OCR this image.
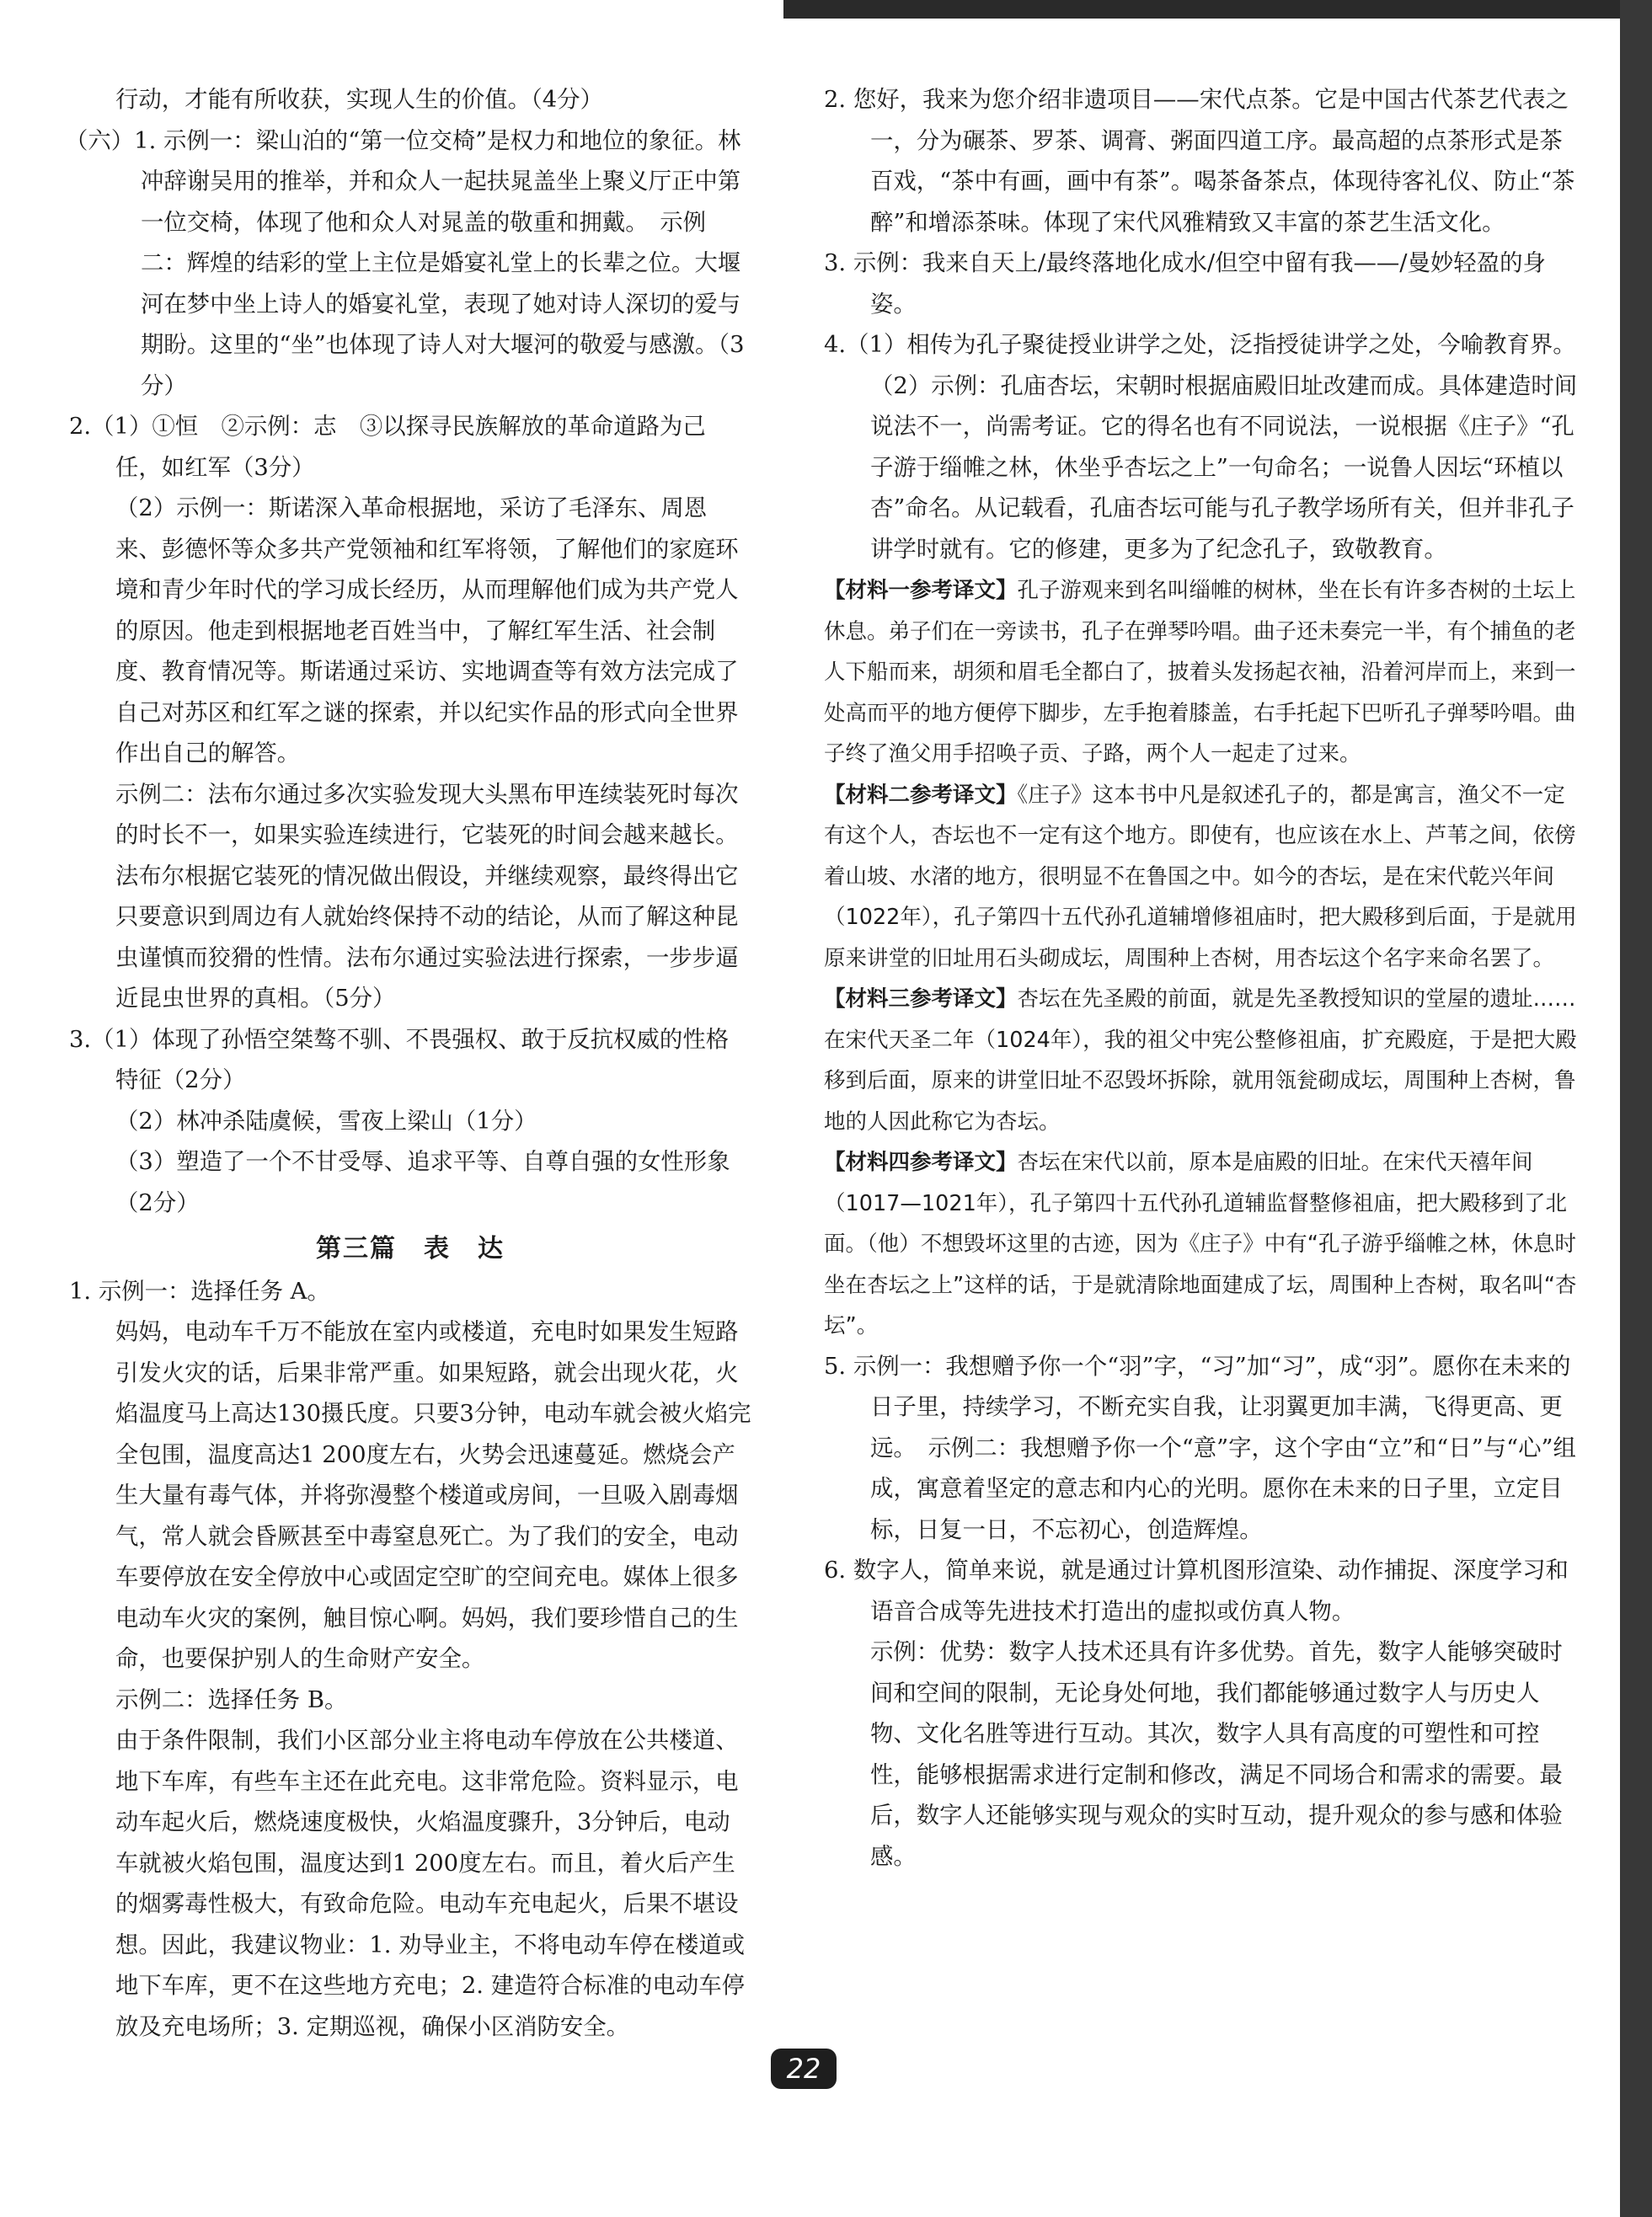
行动，才能有所收获，实现人生的价值。（4分）

（六）1. 示例一：梁山泊的“第一位交椅”是权力和地位的象征。林冲辞谢吴用的推举，并和众人一起扶晁盖坐上聚义厅正中第一位交椅，体现了他和众人对晁盖的敬重和拥戴。　示例二：辉煌的结彩的堂上主位是婚宴礼堂上的长辈之位。大堰河在梦中坐上诗人的婚宴礼堂，表现了她对诗人深切的爱与期盼。这里的“坐”也体现了诗人对大堰河的敬爱与感激。（3分）

2.（1）①恒　②示例：志　③以探寻民族解放的革命道路为己任，如红军（3分）

（2）示例一：斯诺深入革命根据地，采访了毛泽东、周恩来、彭德怀等众多共产党领袖和红军将领，了解他们的家庭环境和青少年时代的学习成长经历，从而理解他们成为共产党人的原因。他走到根据地老百姓当中，了解红军生活、社会制度、教育情况等。斯诺通过采访、实地调查等有效方法完成了自己对苏区和红军之谜的探索，并以纪实作品的形式向全世界作出自己的解答。

示例二：法布尔通过多次实验发现大头黑布甲连续装死时每次的时长不一，如果实验连续进行，它装死的时间会越来越长。法布尔根据它装死的情况做出假设，并继续观察，最终得出它只要意识到周边有人就始终保持不动的结论，从而了解这种昆虫谨慎而狡猾的性情。法布尔通过实验法进行探索，一步步逼近昆虫世界的真相。（5分）

3.（1）体现了孙悟空桀骜不驯、不畏强权、敢于反抗权威的性格特征（2分）

（2）林冲杀陆虞候，雪夜上梁山（1分）

（3）塑造了一个不甘受辱、追求平等、自尊自强的女性形象（2分）

第三篇　表　达

1. 示例一：选择任务 A。

妈妈，电动车千万不能放在室内或楼道，充电时如果发生短路引发火灾的话，后果非常严重。如果短路，就会出现火花，火焰温度马上高达130摄氏度。只要3分钟，电动车就会被火焰完全包围，温度高达1 200度左右，火势会迅速蔓延。燃烧会产生大量有毒气体，并将弥漫整个楼道或房间，一旦吸入剧毒烟气，常人就会昏厥甚至中毒窒息死亡。为了我们的安全，电动车要停放在安全停放中心或固定空旷的空间充电。媒体上很多电动车火灾的案例，触目惊心啊。妈妈，我们要珍惜自己的生命，也要保护别人的生命财产安全。

示例二：选择任务 B。

由于条件限制，我们小区部分业主将电动车停放在公共楼道、地下车库，有些车主还在此充电。这非常危险。资料显示，电动车起火后，燃烧速度极快，火焰温度骤升，3分钟后，电动车就被火焰包围，温度达到1 200度左右。而且，着火后产生的烟雾毒性极大，有致命危险。电动车充电起火，后果不堪设想。因此，我建议物业：1. 劝导业主，不将电动车停在楼道或地下车库，更不在这些地方充电；2. 建造符合标准的电动车停放及充电场所；3. 定期巡视，确保小区消防安全。

2. 您好，我来为您介绍非遗项目——宋代点茶。它是中国古代茶艺代表之一，分为碾茶、罗茶、调膏、粥面四道工序。最高超的点茶形式是茶百戏，“茶中有画，画中有茶”。喝茶备茶点，体现待客礼仪、防止“茶醉”和增添茶味。体现了宋代风雅精致又丰富的茶艺生活文化。

3. 示例：我来自天上/最终落地化成水/但空中留有我——/曼妙轻盈的身姿。

4.（1）相传为孔子聚徒授业讲学之处，泛指授徒讲学之处，今喻教育界。

（2）示例：孔庙杏坛，宋朝时根据庙殿旧址改建而成。具体建造时间说法不一，尚需考证。它的得名也有不同说法，一说根据《庄子》“孔子游于缁帷之林，休坐乎杏坛之上”一句命名；一说鲁人因坛“环植以杏”命名。从记载看，孔庙杏坛可能与孔子教学场所有关，但并非孔子讲学时就有。它的修建，更多为了纪念孔子，致敬教育。

【材料一参考译文】孔子游观来到名叫缁帷的树林，坐在长有许多杏树的土坛上休息。弟子们在一旁读书，孔子在弹琴吟唱。曲子还未奏完一半，有个捕鱼的老人下船而来，胡须和眉毛全都白了，披着头发扬起衣袖，沿着河岸而上，来到一处高而平的地方便停下脚步，左手抱着膝盖，右手托起下巴听孔子弹琴吟唱。曲子终了渔父用手招唤子贡、子路，两个人一起走了过来。

【材料二参考译文】《庄子》这本书中凡是叙述孔子的，都是寓言，渔父不一定有这个人，杏坛也不一定有这个地方。即使有，也应该在水上、芦苇之间，依傍着山坡、水渚的地方，很明显不在鲁国之中。如今的杏坛，是在宋代乾兴年间（1022年），孔子第四十五代孙孔道辅增修祖庙时，把大殿移到后面，于是就用原来讲堂的旧址用石头砌成坛，周围种上杏树，用杏坛这个名字来命名罢了。

【材料三参考译文】杏坛在先圣殿的前面，就是先圣教授知识的堂屋的遗址……在宋代天圣二年（1024年），我的祖父中宪公整修祖庙，扩充殿庭，于是把大殿移到后面，原来的讲堂旧址不忍毁坏拆除，就用瓴瓮砌成坛，周围种上杏树，鲁地的人因此称它为杏坛。

【材料四参考译文】杏坛在宋代以前，原本是庙殿的旧址。在宋代天禧年间（1017—1021年），孔子第四十五代孙孔道辅监督整修祖庙，把大殿移到了北面。（他）不想毁坏这里的古迹，因为《庄子》中有“孔子游乎缁帷之林，休息时坐在杏坛之上”这样的话，于是就清除地面建成了坛，周围种上杏树，取名叫“杏坛”。

5. 示例一：我想赠予你一个“羽”字，“习”加“习”，成“羽”。愿你在未来的日子里，持续学习，不断充实自我，让羽翼更加丰满，飞得更高、更远。　示例二：我想赠予你一个“意”字，这个字由“立”和“日”与“心”组成，寓意着坚定的意志和内心的光明。愿你在未来的日子里，立定目标，日复一日，不忘初心，创造辉煌。

6. 数字人，简单来说，就是通过计算机图形渲染、动作捕捉、深度学习和语音合成等先进技术打造出的虚拟或仿真人物。

示例：优势：数字人技术还具有许多优势。首先，数字人能够突破时间和空间的限制，无论身处何地，我们都能够通过数字人与历史人物、文化名胜等进行互动。其次，数字人具有高度的可塑性和可控性，能够根据需求进行定制和修改，满足不同场合和需求的需要。最后，数字人还能够实现与观众的实时互动，提升观众的参与感和体验感。

22
